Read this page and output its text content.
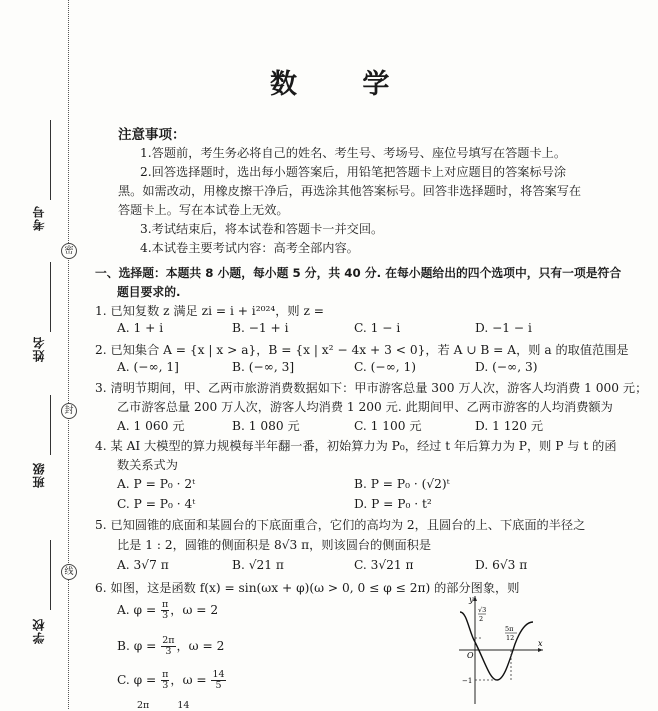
考号
姓名
班级
学校
密
封
线
数 学
注意事项：
1.答题前，考生务必将自己的姓名、考生号、考场号、座位号填写在答题卡上。
2.回答选择题时，选出每小题答案后，用铅笔把答题卡上对应题目的答案标号涂
黑。如需改动，用橡皮擦干净后，再选涂其他答案标号。回答非选择题时，将答案写在
答题卡上。写在本试卷上无效。
3.考试结束后，将本试卷和答题卡一并交回。
4.本试卷主要考试内容：高考全部内容。
一、选择题：本题共 8 小题，每小题 5 分，共 40 分. 在每小题给出的四个选项中，只有一项是符合
题目要求的.
1. 已知复数 z 满足 zi = i + i²⁰²⁴，则 z =
A. 1 + i	B. −1 + i	C. 1 − i	D. −1 − i
2. 已知集合 A = {x | x > a}，B = {x | x² − 4x + 3 < 0}，若 A ∪ B = A，则 a 的取值范围是
A. (−∞, 1]	B. (−∞, 3]	C. (−∞, 1)	D. (−∞, 3)
3. 清明节期间，甲、乙两市旅游消费数据如下：甲市游客总量 300 万人次，游客人均消费 1 000 元；
乙市游客总量 200 万人次，游客人均消费 1 200 元. 此期间甲、乙两市游客的人均消费额为
A. 1 060 元	B. 1 080 元	C. 1 100 元	D. 1 120 元
4. 某 AI 大模型的算力规模每半年翻一番，初始算力为 P₀，经过 t 年后算力为 P，则 P 与 t 的函
数关系式为
A. P = P₀ · 2ᵗ	B. P = P₀ · (√2)ᵗ
C. P = P₀ · 4ᵗ	D. P = P₀ · t²
5. 已知圆锥的底面和某圆台的下底面重合，它们的高均为 2，且圆台的上、下底面的半径之
比是 1 : 2，圆锥的侧面积是 8√3 π，则该圆台的侧面积是
A. 3√7 π	B. √21 π	C. 3√21 π	D. 6√3 π
6. 如图，这是函数 f(x) = sin(ωx + φ)(ω > 0, 0 ≤ φ ≤ 2π) 的部分图象，则
A. $\varphi = \frac{\pi}{3}$ ，ω = 2
B. $\varphi = \frac{2\pi}{3}$ ，ω = 2
C. $\varphi = \frac{\pi}{3}$ ，$\omega = \frac{14}{5}$
2π	14
y
x
O
√3
2
−1
5π
12
